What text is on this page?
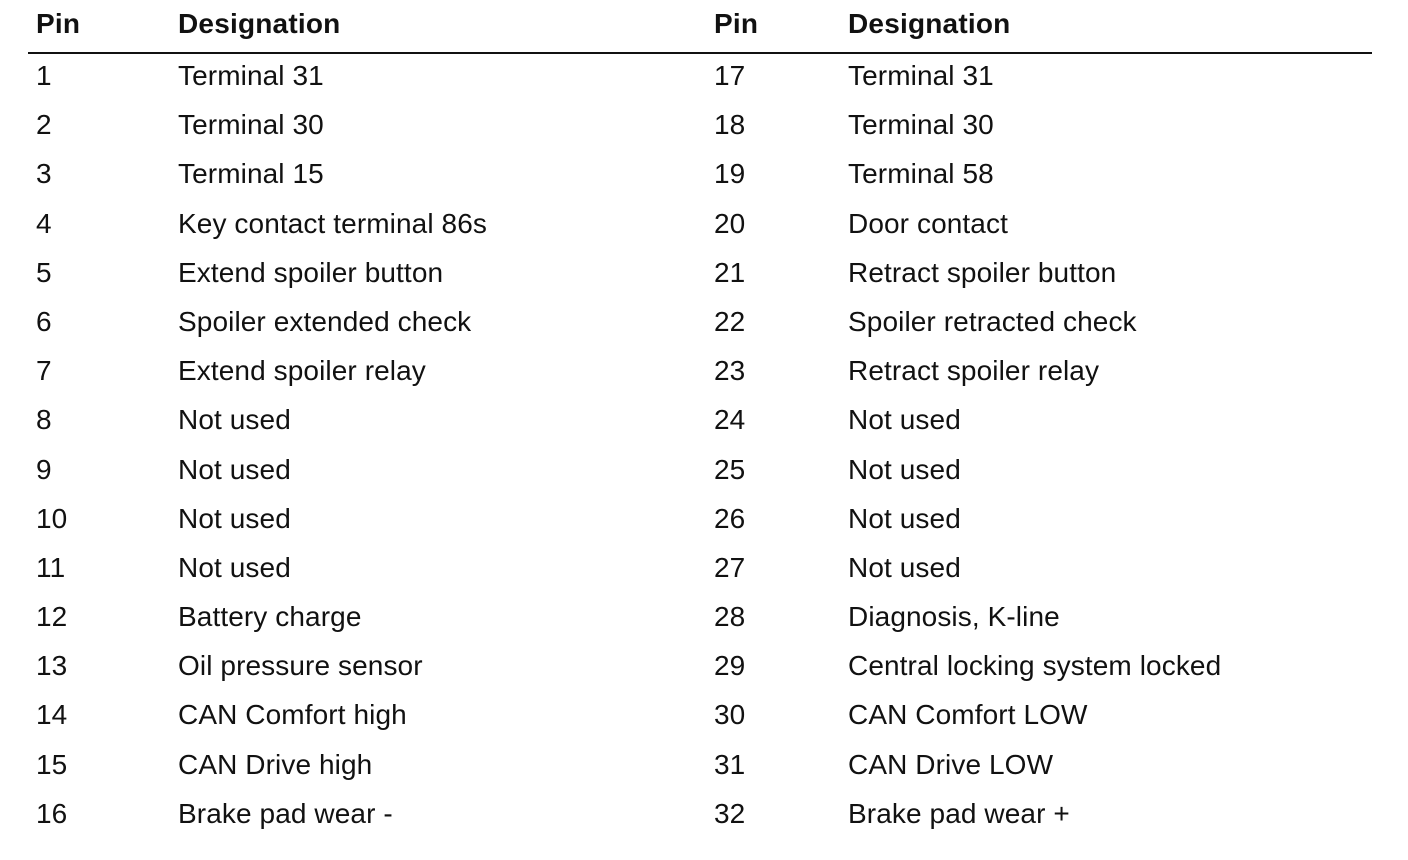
Pin	Designation	Pin	Designation
1	Terminal 31	17	Terminal 31
2	Terminal 30	18	Terminal 30
3	Terminal 15	19	Terminal 58
4	Key contact terminal 86s	20	Door contact
5	Extend spoiler button	21	Retract spoiler button
6	Spoiler extended check	22	Spoiler retracted check
7	Extend spoiler relay	23	Retract spoiler relay
8	Not used	24	Not used
9	Not used	25	Not used
10	Not used	26	Not used
11	Not used	27	Not used
12	Battery charge	28	Diagnosis, K-line
13	Oil pressure sensor	29	Central locking system locked
14	CAN Comfort high	30	CAN Comfort LOW
15	CAN Drive high	31	CAN Drive LOW
16	Brake pad wear -	32	Brake pad wear +
